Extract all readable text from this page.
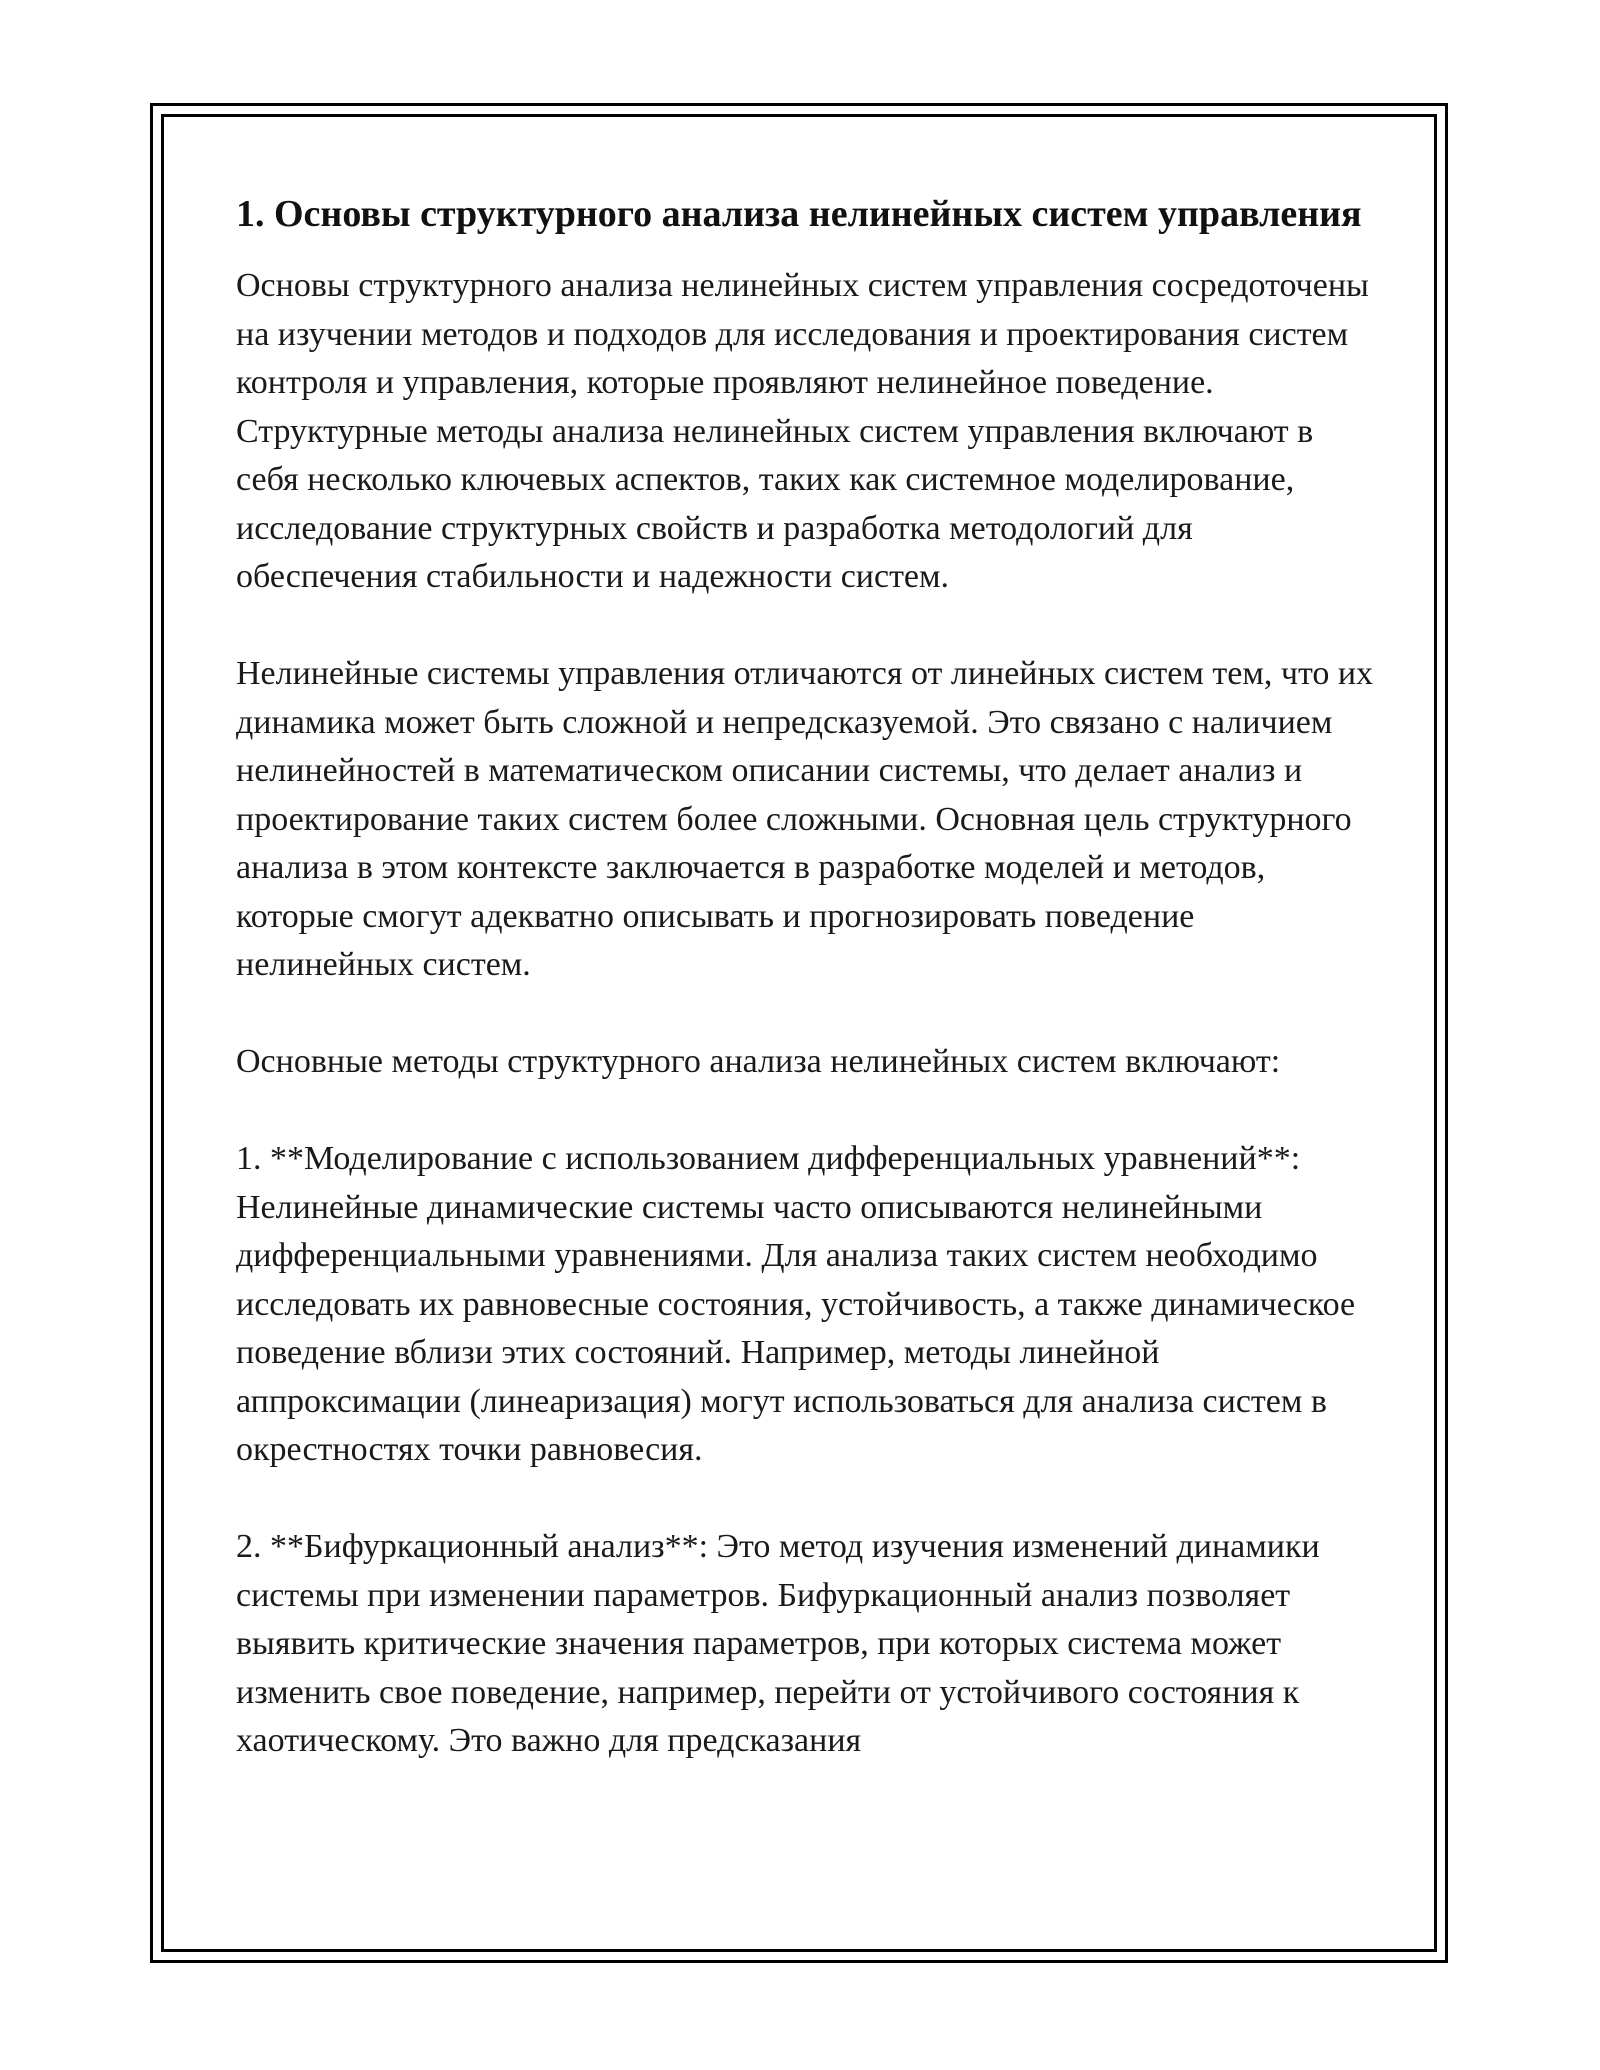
1. Основы структурного анализа нелинейных систем управления

Основы структурного анализа нелинейных систем управления сосредоточены на изучении методов и подходов для исследования и проектирования систем контроля и управления, которые проявляют нелинейное поведение. Структурные методы анализа нелинейных систем управления включают в себя несколько ключевых аспектов, таких как системное моделирование, исследование структурных свойств и разработка методологий для обеспечения стабильности и надежности систем.

Нелинейные системы управления отличаются от линейных систем тем, что их динамика может быть сложной и непредсказуемой. Это связано с наличием нелинейностей в математическом описании системы, что делает анализ и проектирование таких систем более сложными. Основная цель структурного анализа в этом контексте заключается в разработке моделей и методов, которые смогут адекватно описывать и прогнозировать поведение нелинейных систем.

Основные методы структурного анализа нелинейных систем включают:

1. **Моделирование с использованием дифференциальных уравнений**: Нелинейные динамические системы часто описываются нелинейными дифференциальными уравнениями. Для анализа таких систем необходимо исследовать их равновесные состояния, устойчивость, а также динамическое поведение вблизи этих состояний. Например, методы линейной аппроксимации (линеаризация) могут использоваться для анализа систем в окрестностях точки равновесия.

2. **Бифуркационный анализ**: Это метод изучения изменений динамики системы при изменении параметров. Бифуркационный анализ позволяет выявить критические значения параметров, при которых система может изменить свое поведение, например, перейти от устойчивого состояния к хаотическому. Это важно для предсказания
